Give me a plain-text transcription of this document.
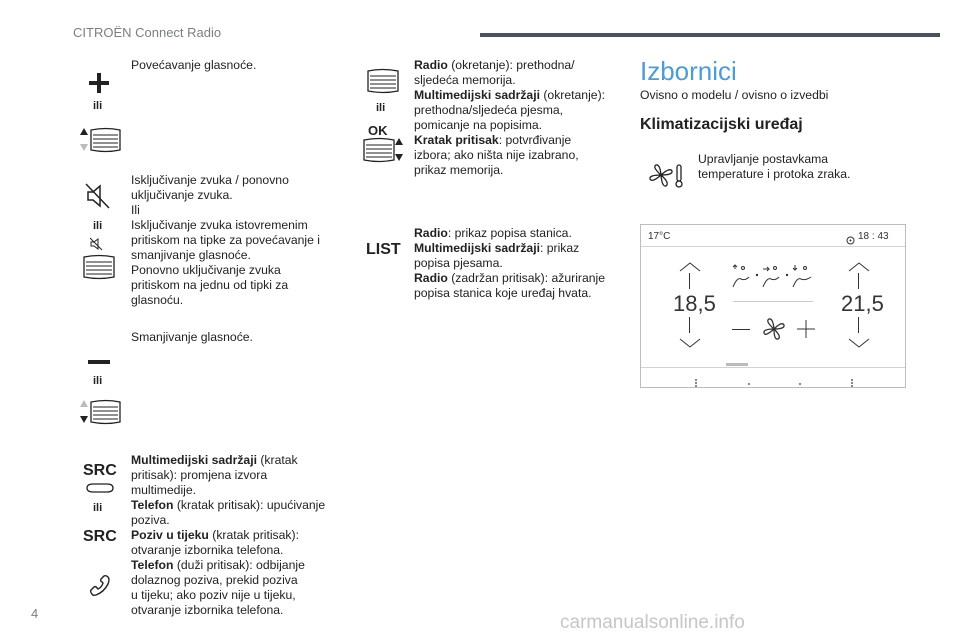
CITROËN Connect Radio
Povećavanje glasnoće.
ili
Isključivanje zvuka / ponovno
uključivanje zvuka.
Ili
Isključivanje zvuka istovremenim
pritiskom na tipke za povećavanje i
smanjivanje glasnoće.
Ponovno uključivanje zvuka
pritiskom na jednu od tipki za
glasnoću.
ili
Smanjivanje glasnoće.
ili
SRC
ili
SRC
Multimedijski sadržaji (kratak
pritisak): promjena izvora
multimedije.
Telefon (kratak pritisak): upućivanje
poziva.
Poziv u tijeku (kratak pritisak):
otvaranje izbornika telefona.
Telefon (duži pritisak): odbijanje
dolaznog poziva, prekid poziva
u tijeku; ako poziv nije u tijeku,
otvaranje izbornika telefona.
ili
OK
Radio (okretanje): prethodna/
sljedeća memorija.
Multimedijski sadržaji (okretanje):
prethodna/sljedeća pjesma,
pomicanje na popisima.
Kratak pritisak: potvrđivanje
izbora; ako ništa nije izabrano,
prikaz memorija.
LIST
Radio: prikaz popisa stanica.
Multimedijski sadržaji: prikaz
popisa pjesama.
Radio (zadržan pritisak): ažuriranje
popisa stanica koje uređaj hvata.
Izbornici
Ovisno o modelu / ovisno o izvedbi
Klimatizacijski uređaj
Upravljanje postavkama
temperature i protoka zraka.
17°C	18 : 43
18,5	21,5
4	carmanualsonline.info
